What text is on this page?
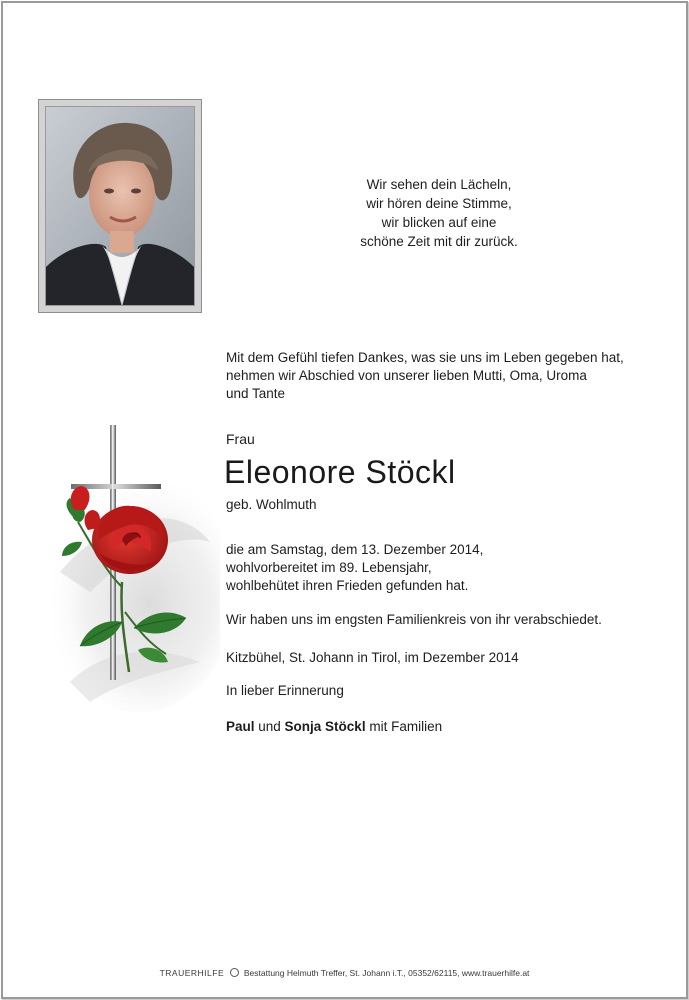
Wir sehen dein Lächeln,
wir hören deine Stimme,
wir blicken auf eine
schöne Zeit mit dir zurück.
Mit dem Gefühl tiefen Dankes, was sie uns im Leben gegeben hat,
nehmen wir Abschied von unserer lieben Mutti, Oma, Uroma
und Tante
Frau
Eleonore Stöckl
geb. Wohlmuth
die am Samstag, dem 13. Dezember 2014,
wohlvorbereitet im 89. Lebensjahr,
wohlbehütet ihren Frieden gefunden hat.
Wir haben uns im engsten Familienkreis von ihr verabschiedet.
Kitzbühel, St. Johann in Tirol, im Dezember 2014
In lieber Erinnerung
Paul und Sonja Stöckl mit Familien
TRAUERHILFE Bestattung Helmuth Treffer, St. Johann i.T., 05352/62115, www.trauerhilfe.at
